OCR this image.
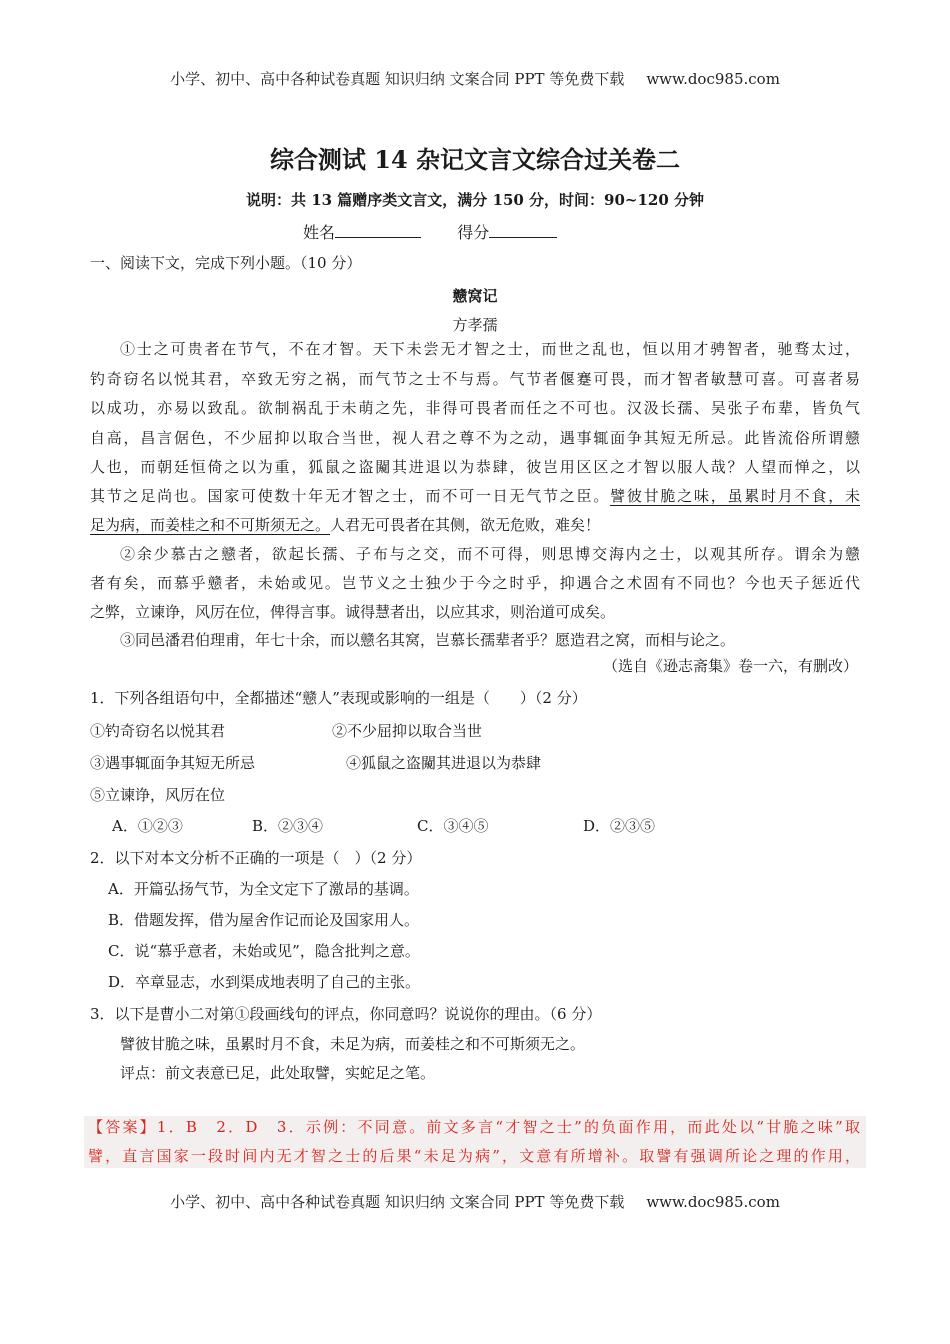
小学、初中、高中各种试卷真题 知识归纳 文案合同 PPT 等免费下载 www.doc985.com
综合测试 14 杂记文言文综合过关卷二
说明：共 13 篇赠序类文言文，满分 150 分，时间：90~120 分钟
姓名	得分
一、阅读下文，完成下列小题。（10 分）
戆窝记
方孝孺
①士之可贵者在节气，不在才智。天下未尝无才智之士，而世之乱也，恒以用才骋智者，驰骛太过，
钓奇窃名以悦其君，卒致无穷之祸，而气节之士不与焉。气节者偃蹇可畏，而才智者敏慧可喜。可喜者易
以成功，亦易以致乱。欲制祸乱于未萌之先，非得可畏者而任之不可也。汉汲长孺、吴张子布辈，皆负气
自高，昌言倨色，不少屈抑以取合当世，视人君之尊不为之动，遇事辄面争其短无所忌。此皆流俗所谓戆
人也，而朝廷恒倚之以为重，狐鼠之盗闚其进退以为恭肆，彼岂用区区之才智以服人哉？人望而惮之，以
其节之足尚也。国家可使数十年无才智之士，而不可一日无气节之臣。譬彼甘脆之味，虽累时月不食，未
足为病，而姜桂之和不可斯须无之。人君无可畏者在其侧，欲无危败，难矣！
②余少慕古之戆者，欲起长孺、子布与之交，而不可得，则思博交海内之士，以观其所存。谓余为戆
者有矣，而慕乎戆者，未始或见。岂节义之士独少于今之时乎，抑遇合之术固有不同也？今也天子惩近代
之弊，立谏诤，风厉在位，俾得言事。诚得慧者出，以应其求，则治道可成矣。
③同邑潘君伯理甫，年七十余，而以戆名其窝，岂慕长孺辈者乎？愿造君之窝，而相与论之。
（选自《逊志斋集》卷一六，有删改）
1．下列各组语句中，全都描述“戆人”表现或影响的一组是（　　）（2 分）
①钓奇窃名以悦其君	②不少屈抑以取合当世
③遇事辄面争其短无所忌	④狐鼠之盗闚其进退以为恭肆
⑤立谏诤，风厉在位
A．①②③	B．②③④	C．③④⑤	D．②③⑤
2．以下对本文分析不正确的一项是（　）（2 分）
A．开篇弘扬气节，为全文定下了激昂的基调。
B．借题发挥，借为屋舍作记而论及国家用人。
C．说“慕乎意者，未始或见”，隐含批判之意。
D．卒章显志，水到渠成地表明了自己的主张。
3．以下是曹小二对第①段画线句的评点，你同意吗？说说你的理由。（6 分）
譬彼甘脆之味，虽累时月不食，未足为病，而姜桂之和不可斯须无之。
评点：前文表意已足，此处取譬，实蛇足之笔。
【答案】1．B　2．D　3．示例：不同意。前文多言“才智之士”的负面作用，而此处以“甘脆之味”取
譬，直言国家一段时间内无才智之士的后果“未足为病”，文意有所增补。取譬有强调所论之理的作用，
小学、初中、高中各种试卷真题 知识归纳 文案合同 PPT 等免费下载 www.doc985.com
